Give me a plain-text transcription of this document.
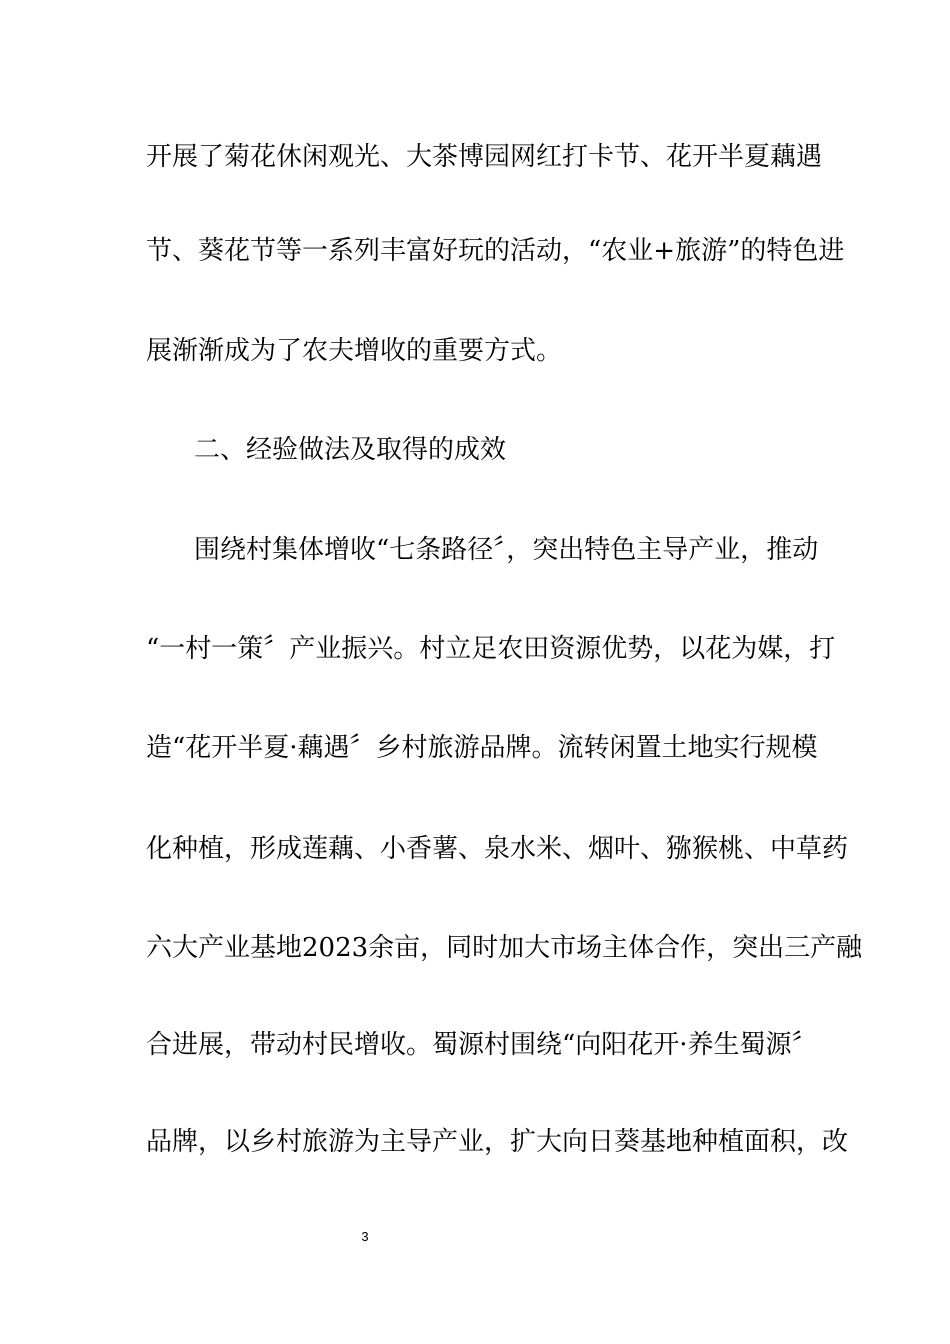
开展了菊花休闲观光、大茶博园网红打卡节、花开半夏藕遇
节、葵花节等一系列丰富好玩的活动，“农业+旅游”的特色进
展渐渐成为了农夫增收的重要方式。
二、经验做法及取得的成效
围绕村集体增收“七条路径〞，突出特色主导产业，推动
“一村一策〞产业振兴。村立足农田资源优势，以花为媒，打
造“花开半夏·藕遇〞乡村旅游品牌。流转闲置土地实行规模
化种植，形成莲藕、小香薯、泉水米、烟叶、猕猴桃、中草药
六大产业基地2023余亩，同时加大市场主体合作，突出三产融
合进展，带动村民增收。蜀源村围绕“向阳花开·养生蜀源〞
品牌，以乡村旅游为主导产业，扩大向日葵基地种植面积，改
3
